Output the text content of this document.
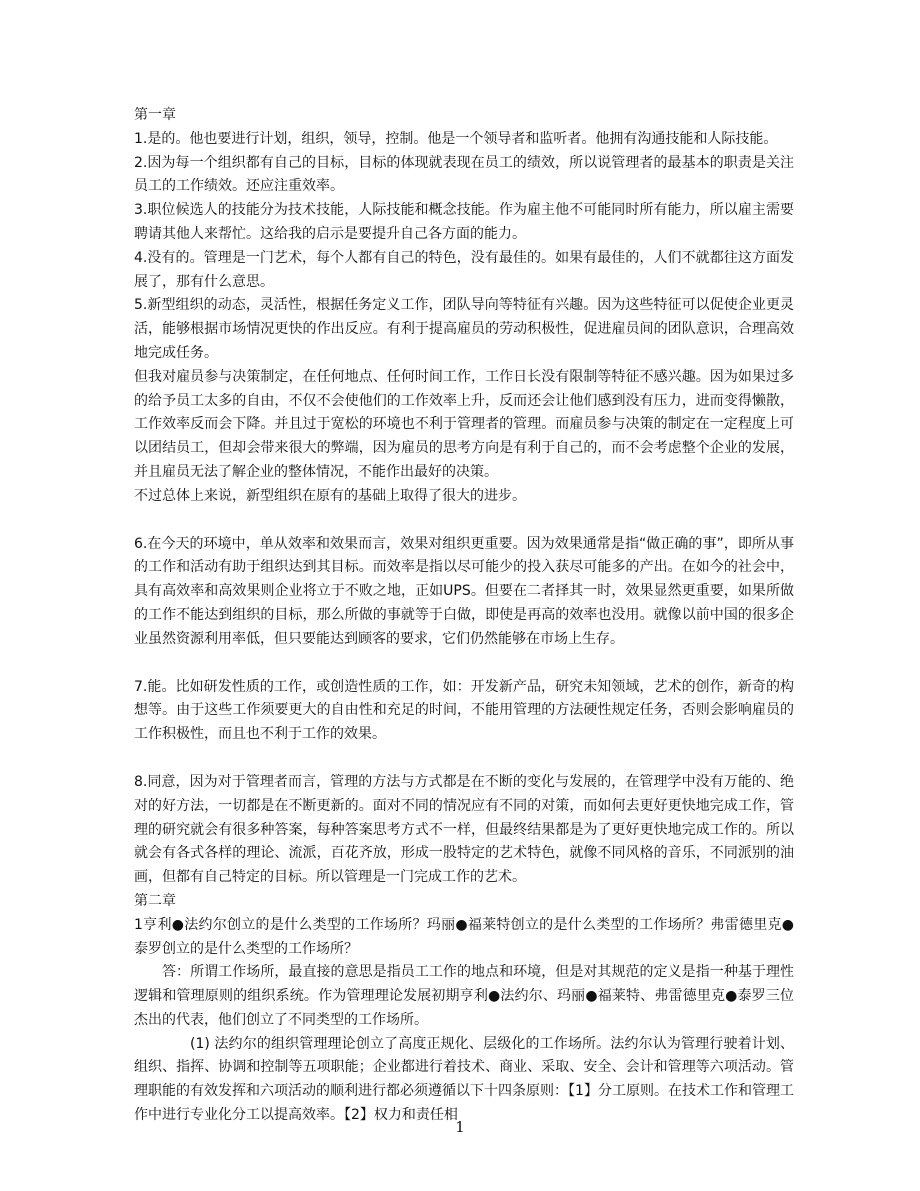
第一章

1.是的。他也要进行计划，组织，领导，控制。他是一个领导者和监听者。他拥有沟通技能和人际技能。

2.因为每一个组织都有自己的目标，目标的体现就表现在员工的绩效，所以说管理者的最基本的职责是关注员工的工作绩效。还应注重效率。

3.职位候选人的技能分为技术技能，人际技能和概念技能。作为雇主他不可能同时所有能力，所以雇主需要聘请其他人来帮忙。这给我的启示是要提升自己各方面的能力。

4.没有的。管理是一门艺术，每个人都有自己的特色，没有最佳的。如果有最佳的，人们不就都往这方面发展了，那有什么意思。

5.新型组织的动态，灵活性，根据任务定义工作，团队导向等特征有兴趣。因为这些特征可以促使企业更灵活，能够根据市场情况更快的作出反应。有利于提高雇员的劳动积极性，促进雇员间的团队意识，合理高效地完成任务。

但我对雇员参与决策制定，在任何地点、任何时间工作，工作日长没有限制等特征不感兴趣。因为如果过多的给予员工太多的自由，不仅不会使他们的工作效率上升，反而还会让他们感到没有压力，进而变得懒散，工作效率反而会下降。并且过于宽松的环境也不利于管理者的管理。而雇员参与决策的制定在一定程度上可以团结员工，但却会带来很大的弊端，因为雇员的思考方向是有利于自己的，而不会考虑整个企业的发展，并且雇员无法了解企业的整体情况，不能作出最好的决策。

不过总体上来说，新型组织在原有的基础上取得了很大的进步。

6.在今天的环境中，单从效率和效果而言，效果对组织更重要。因为效果通常是指“做正确的事”，即所从事的工作和活动有助于组织达到其目标。而效率是指以尽可能少的投入获尽可能多的产出。在如今的社会中，具有高效率和高效果则企业将立于不败之地，正如UPS。但要在二者择其一时，效果显然更重要，如果所做的工作不能达到组织的目标，那么所做的事就等于白做，即使是再高的效率也没用。就像以前中国的很多企业虽然资源利用率低，但只要能达到顾客的要求，它们仍然能够在市场上生存。

7.能。比如研发性质的工作，或创造性质的工作，如：开发新产品，研究未知领域，艺术的创作，新奇的构想等。由于这些工作须要更大的自由性和充足的时间，不能用管理的方法硬性规定任务，否则会影响雇员的工作积极性，而且也不利于工作的效果。

8.同意，因为对于管理者而言，管理的方法与方式都是在不断的变化与发展的，在管理学中没有万能的、绝对的好方法，一切都是在不断更新的。面对不同的情况应有不同的对策，而如何去更好更快地完成工作，管理的研究就会有很多种答案，每种答案思考方式不一样，但最终结果都是为了更好更快地完成工作的。所以就会有各式各样的理论、流派，百花齐放，形成一股特定的艺术特色，就像不同风格的音乐，不同派别的油画，但都有自己特定的目标。所以管理是一门完成工作的艺术。

第二章

1亨利●法约尔创立的是什么类型的工作场所？玛丽●福莱特创立的是什么类型的工作场所？弗雷德里克●泰罗创立的是什么类型的工作场所？

答：所谓工作场所，最直接的意思是指员工工作的地点和环境，但是对其规范的定义是指一种基于理性逻辑和管理原则的组织系统。作为管理理论发展初期亨利●法约尔、玛丽●福莱特、弗雷德里克●泰罗三位杰出的代表，他们创立了不同类型的工作场所。

(1) 法约尔的组织管理理论创立了高度正规化、层级化的工作场所。法约尔认为管理行驶着计划、组织、指挥、协调和控制等五项职能；企业都进行着技术、商业、采取、安全、会计和管理等六项活动。管理职能的有效发挥和六项活动的顺利进行都必须遵循以下十四条原则：【1】分工原则。在技术工作和管理工作中进行专业化分工以提高效率。【2】权力和责任相

1
